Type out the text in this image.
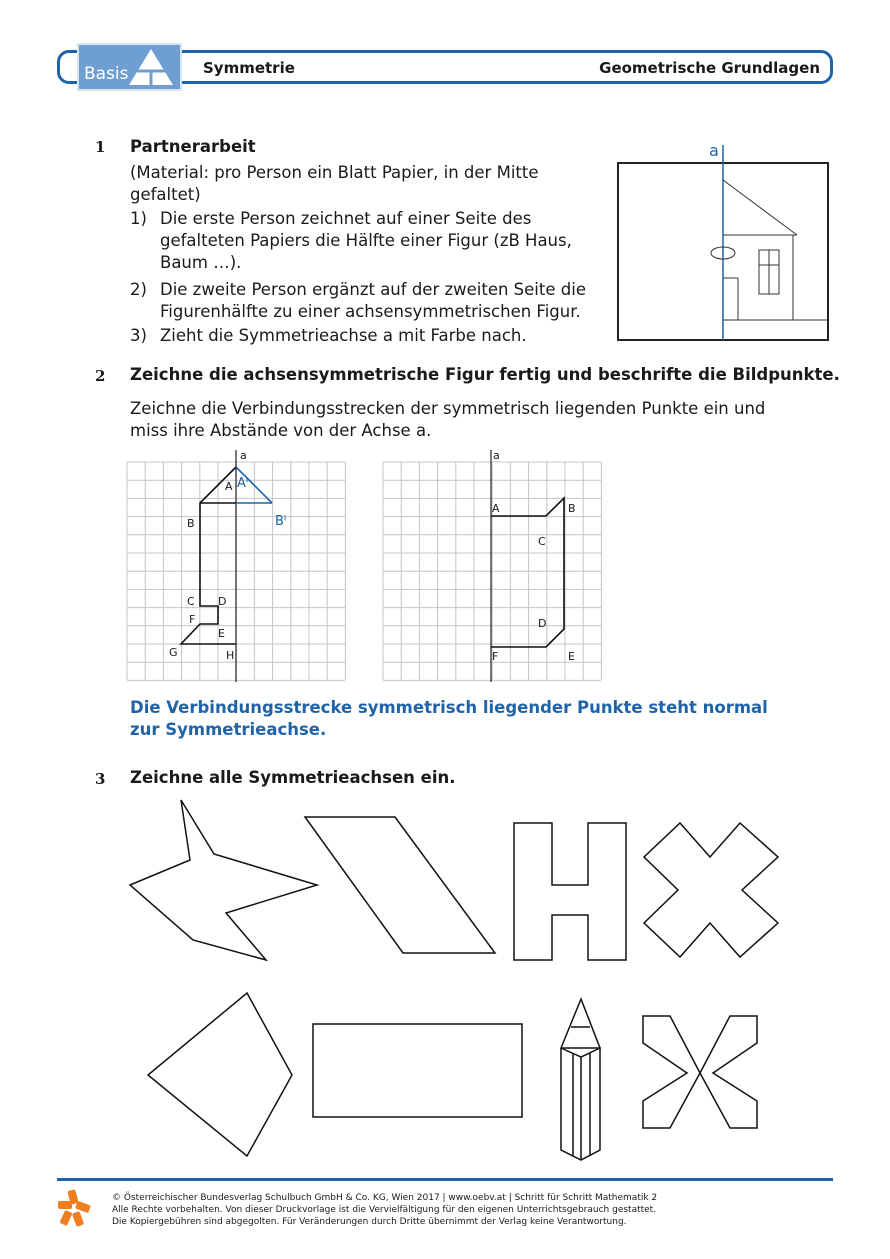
Basis	Symmetrie	Geometrische Grundlagen
1 Partnerarbeit
(Material: pro Person ein Blatt Papier, in der Mitte gefaltet)
1) Die erste Person zeichnet auf einer Seite des gefalteten Papiers die Hälfte einer Figur (zB Haus, Baum …).
2) Die zweite Person ergänzt auf der zweiten Seite die Figurenhälfte zu einer achsensymmetrischen Figur.
3) Zieht die Symmetrieachse a mit Farbe nach.
a
2 Zeichne die achsensymmetrische Figur fertig und beschrifte die Bildpunkte.
Zeichne die Verbindungsstrecken der symmetrisch liegenden Punkte ein und miss ihre Abstände von der Achse a.
a
A
B
C D
E
F
G	H
Aᴵ
Bᴵ
a
A	B
C
D
E
F
Die Verbindungsstrecke symmetrisch liegender Punkte steht normal zur Symmetrieachse.
3 Zeichne alle Symmetrieachsen ein.
© Österreichischer Bundesverlag Schulbuch GmbH & Co. KG, Wien 2017 | www.oebv.at | Schritt für Schritt Mathematik 2
Alle Rechte vorbehalten. Von dieser Druckvorlage ist die Vervielfältigung für den eigenen Unterrichtsgebrauch gestattet.
Die Kopiergebühren sind abgegolten. Für Veränderungen durch Dritte übernimmt der Verlag keine Verantwortung.
